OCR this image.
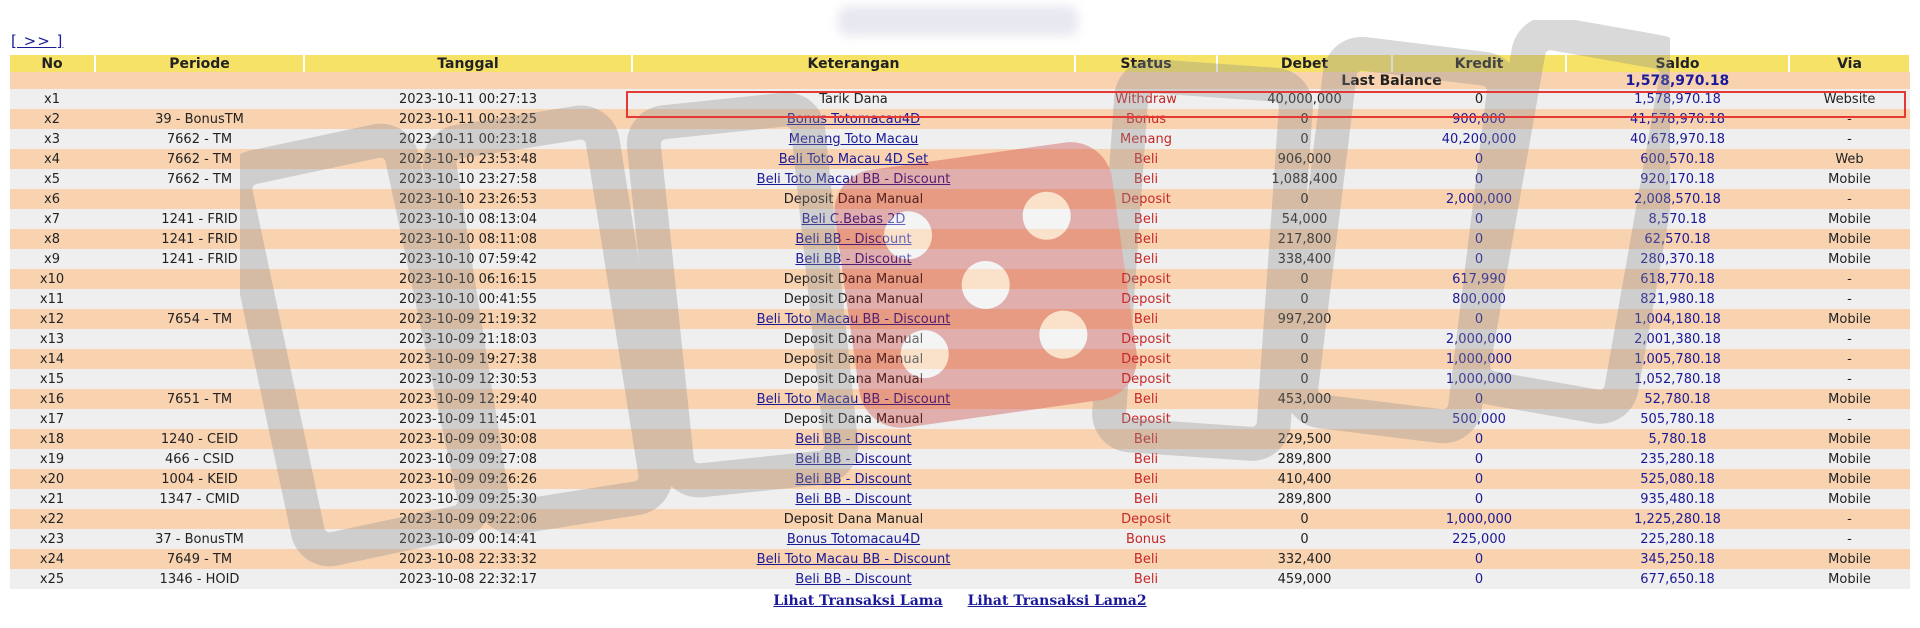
[ >> ]
No	Periode	Tanggal	Keterangan	Status	Debet	Kredit	Saldo	Via
					Last Balance		1,578,970.18	
x1		2023-10-11 00:27:13	Tarik Dana	Withdraw	40,000,000	0	1,578,970.18	Website
x2	39 - BonusTM	2023-10-11 00:23:25	Bonus Totomacau4D	Bonus	0	900,000	41,578,970.18	-
x3	7662 - TM	2023-10-11 00:23:18	Menang Toto Macau	Menang	0	40,200,000	40,678,970.18	-
x4	7662 - TM	2023-10-10 23:53:48	Beli Toto Macau 4D Set	Beli	906,000	0	600,570.18	Web
x5	7662 - TM	2023-10-10 23:27:58	Beli Toto Macau BB - Discount	Beli	1,088,400	0	920,170.18	Mobile
x6		2023-10-10 23:26:53	Deposit Dana Manual	Deposit	0	2,000,000	2,008,570.18	-
x7	1241 - FRID	2023-10-10 08:13:04	Beli C.Bebas 2D	Beli	54,000	0	8,570.18	Mobile
x8	1241 - FRID	2023-10-10 08:11:08	Beli BB - Discount	Beli	217,800	0	62,570.18	Mobile
x9	1241 - FRID	2023-10-10 07:59:42	Beli BB - Discount	Beli	338,400	0	280,370.18	Mobile
x10		2023-10-10 06:16:15	Deposit Dana Manual	Deposit	0	617,990	618,770.18	-
x11		2023-10-10 00:41:55	Deposit Dana Manual	Deposit	0	800,000	821,980.18	-
x12	7654 - TM	2023-10-09 21:19:32	Beli Toto Macau BB - Discount	Beli	997,200	0	1,004,180.18	Mobile
x13		2023-10-09 21:18:03	Deposit Dana Manual	Deposit	0	2,000,000	2,001,380.18	-
x14		2023-10-09 19:27:38	Deposit Dana Manual	Deposit	0	1,000,000	1,005,780.18	-
x15		2023-10-09 12:30:53	Deposit Dana Manual	Deposit	0	1,000,000	1,052,780.18	-
x16	7651 - TM	2023-10-09 12:29:40	Beli Toto Macau BB - Discount	Beli	453,000	0	52,780.18	Mobile
x17		2023-10-09 11:45:01	Deposit Dana Manual	Deposit	0	500,000	505,780.18	-
x18	1240 - CEID	2023-10-09 09:30:08	Beli BB - Discount	Beli	229,500	0	5,780.18	Mobile
x19	466 - CSID	2023-10-09 09:27:08	Beli BB - Discount	Beli	289,800	0	235,280.18	Mobile
x20	1004 - KEID	2023-10-09 09:26:26	Beli BB - Discount	Beli	410,400	0	525,080.18	Mobile
x21	1347 - CMID	2023-10-09 09:25:30	Beli BB - Discount	Beli	289,800	0	935,480.18	Mobile
x22		2023-10-09 09:22:06	Deposit Dana Manual	Deposit	0	1,000,000	1,225,280.18	-
x23	37 - BonusTM	2023-10-09 00:14:41	Bonus Totomacau4D	Bonus	0	225,000	225,280.18	-
x24	7649 - TM	2023-10-08 22:33:32	Beli Toto Macau BB - Discount	Beli	332,400	0	345,250.18	Mobile
x25	1346 - HOID	2023-10-08 22:32:17	Beli BB - Discount	Beli	459,000	0	677,650.18	Mobile
Lihat Transaksi Lama Lihat Transaksi Lama2
